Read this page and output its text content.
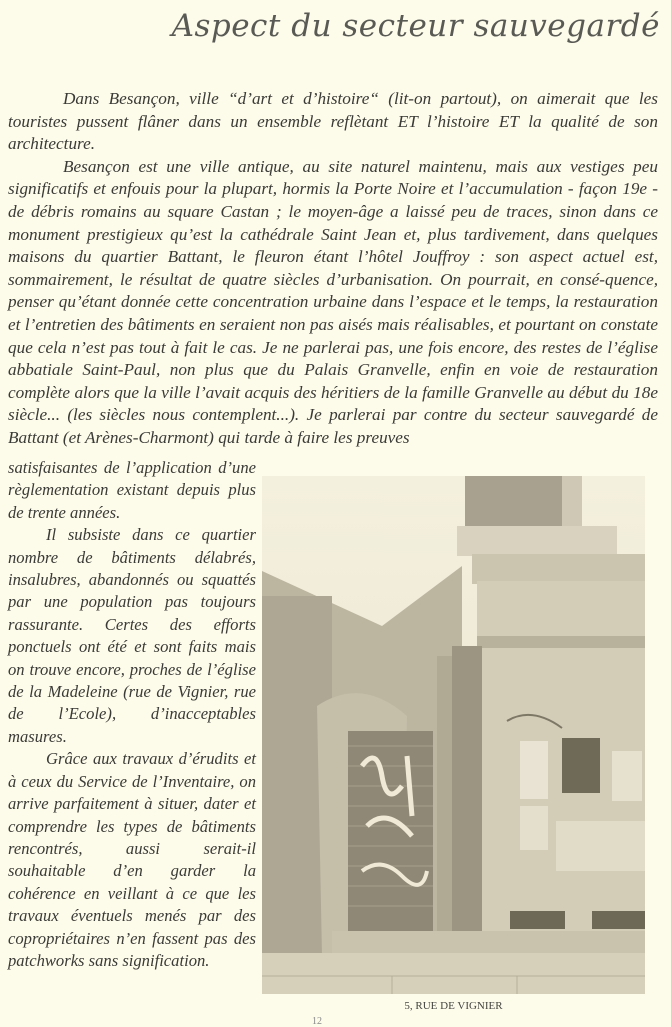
Aspect du secteur sauvegardé

Dans Besançon, ville “d’art et d’histoire“ (lit-on partout), on aimerait que les touristes pussent flâner dans un ensemble reflètant ET l’histoire ET la qualité de son architecture.

Besançon est une ville antique, au site naturel maintenu, mais aux vestiges peu significatifs et enfouis pour la plupart, hormis la Porte Noire et l’accumulation - façon 19e - de débris romains au square Castan ; le moyen-âge a laissé peu de traces, sinon dans ce monument prestigieux qu’est la cathédrale Saint Jean et, plus tardivement, dans quelques maisons du quartier Battant, le fleuron étant l’hôtel Jouffroy : son aspect actuel est, sommairement, le résultat de quatre siècles d’urbanisation. On pourrait, en consé-quence, penser qu’étant donnée cette concentration urbaine dans l’espace et le temps, la restauration et l’entretien des bâtiments en seraient non pas aisés mais réalisables, et pourtant on constate que cela n’est pas tout à fait le cas. Je ne parlerai pas, une fois encore, des restes de l’église abbatiale Saint-Paul, non plus que du Palais Granvelle, enfin en voie de restauration complète alors que la ville l’avait acquis des héritiers de la famille Granvelle au début du 18e siècle... (les siècles nous contemplent...). Je parlerai par contre du secteur sauvegardé de Battant (et Arènes-Charmont) qui tarde à faire les preuves

satisfaisantes de l’application d’une règlementation existant depuis plus de trente années.

Il subsiste dans ce quartier nombre de bâtiments délabrés, insalubres, abandonnés ou squattés par une population pas toujours rassurante. Certes des efforts ponctuels ont été et sont faits mais on trouve encore, proches de l’église de la Madeleine (rue de Vignier, rue de l’Ecole), d’inacceptables masures.

Grâce aux travaux d’érudits et à ceux du Service de l’Inventaire, on arrive parfaitement à situer, dater et comprendre les types de bâtiments rencontrés, aussi serait-il souhaitable d’en garder la cohérence en veillant à ce que les travaux éventuels menés par des copropriétaires n’en fassent pas des patchworks sans signification.

5, RUE DE VIGNIER
12
